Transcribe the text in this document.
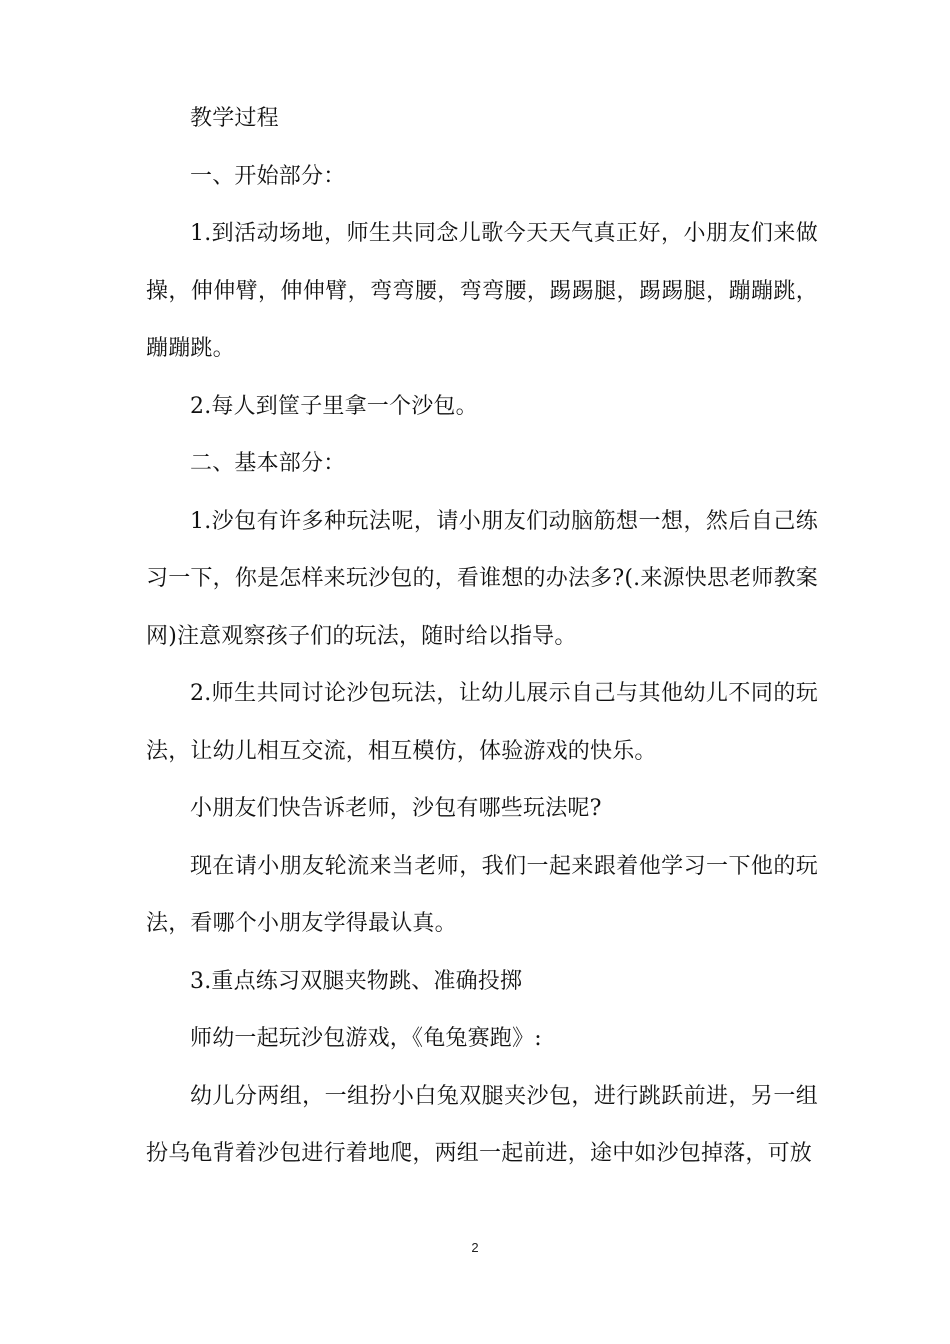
教学过程

一、开始部分：

1.到活动场地，师生共同念儿歌今天天气真正好，小朋友们来做操，伸伸臂，伸伸臂，弯弯腰，弯弯腰，踢踢腿，踢踢腿，蹦蹦跳，蹦蹦跳。

2.每人到筐子里拿一个沙包。

二、基本部分：

1.沙包有许多种玩法呢，请小朋友们动脑筋想一想，然后自己练习一下，你是怎样来玩沙包的，看谁想的办法多?(.来源快思老师教案网)注意观察孩子们的玩法，随时给以指导。

2.师生共同讨论沙包玩法，让幼儿展示自己与其他幼儿不同的玩法，让幼儿相互交流，相互模仿，体验游戏的快乐。

小朋友们快告诉老师，沙包有哪些玩法呢?

现在请小朋友轮流来当老师，我们一起来跟着他学习一下他的玩法，看哪个小朋友学得最认真。

3.重点练习双腿夹物跳、准确投掷

师幼一起玩沙包游戏，《龟兔赛跑》:

幼儿分两组，一组扮小白兔双腿夹沙包，进行跳跃前进，另一组扮乌龟背着沙包进行着地爬，两组一起前进，途中如沙包掉落，可放

2
